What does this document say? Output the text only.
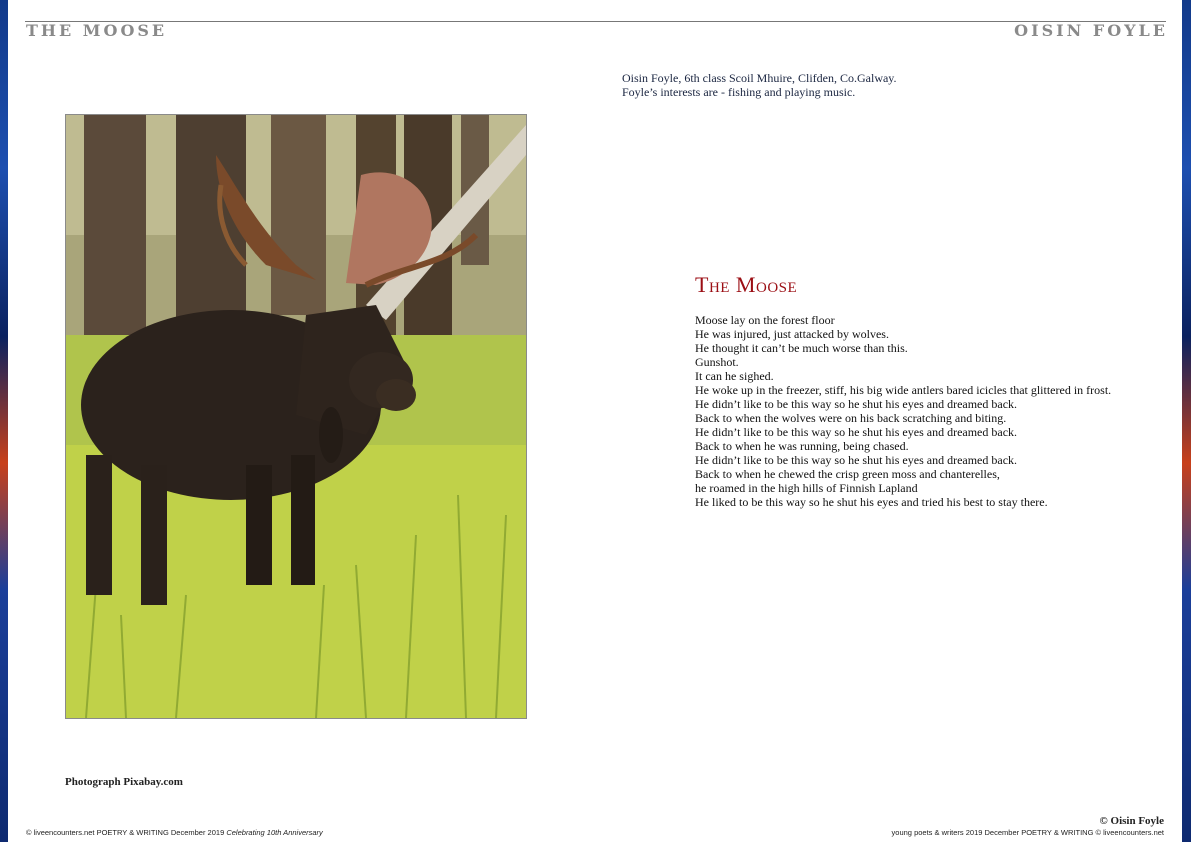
THE MOOSE	OISIN FOYLE
Oisin Foyle, 6th class Scoil Mhuire, Clifden, Co.Galway.
Foyle’s interests are - fishing and playing music.
Photograph Pixabay.com
The Moose
Moose lay on the forest floor
He was injured, just attacked by wolves.
He thought it can’t be much worse than this.
Gunshot.
It can he sighed.
He woke up in the freezer, stiff, his big wide antlers bared icicles that glittered in frost.
He didn’t like to be this way so he shut his eyes and dreamed back.
Back to when the wolves were on his back scratching and biting.
He didn’t like to be this way so he shut his eyes and dreamed back.
Back to when he was running, being chased.
He didn’t like to be this way so he shut his eyes and dreamed back.
Back to when he chewed the crisp green moss and chanterelles,
he roamed in the high hills of Finnish Lapland
He liked to be this way so he shut his eyes and tried his best to stay there.
© Oisin Foyle
© liveencounters.net POETRY & WRITING December 2019 Celebrating 10th Anniversary	young poets & writers 2019 December POETRY & WRITING © liveencounters.net
